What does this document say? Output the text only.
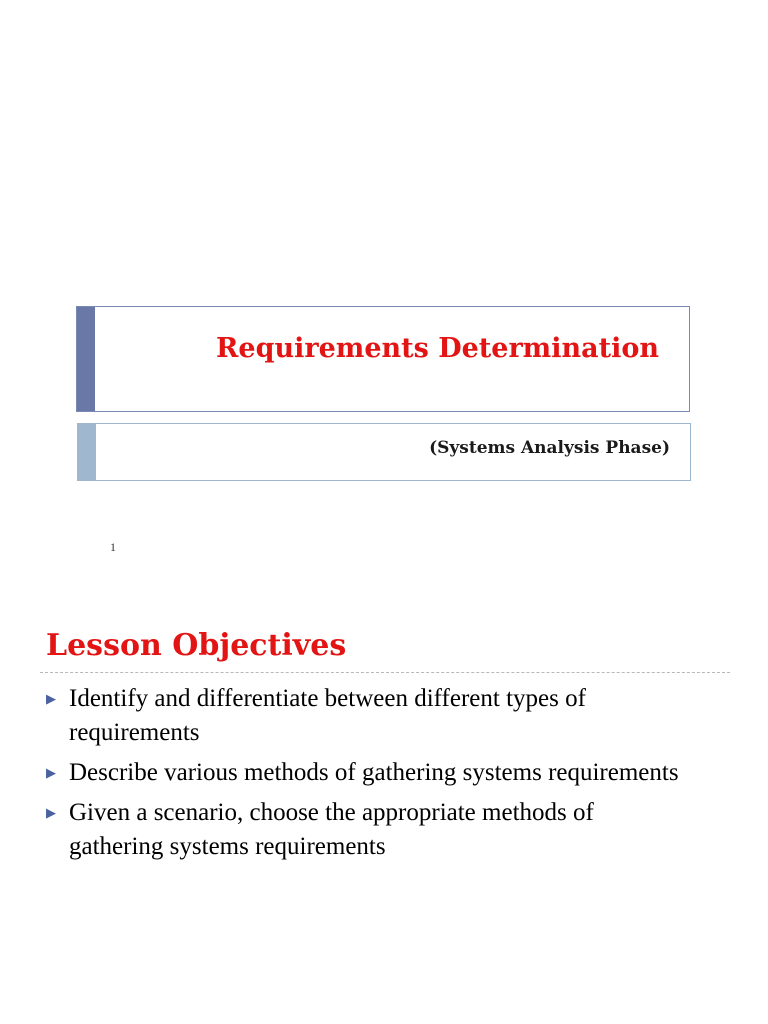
Requirements Determination
(Systems Analysis Phase)
1
Lesson Objectives
▶ Identify and differentiate between different types of requirements
▶ Describe various methods of gathering systems requirements
▶ Given a scenario, choose the appropriate methods of gathering systems requirements
